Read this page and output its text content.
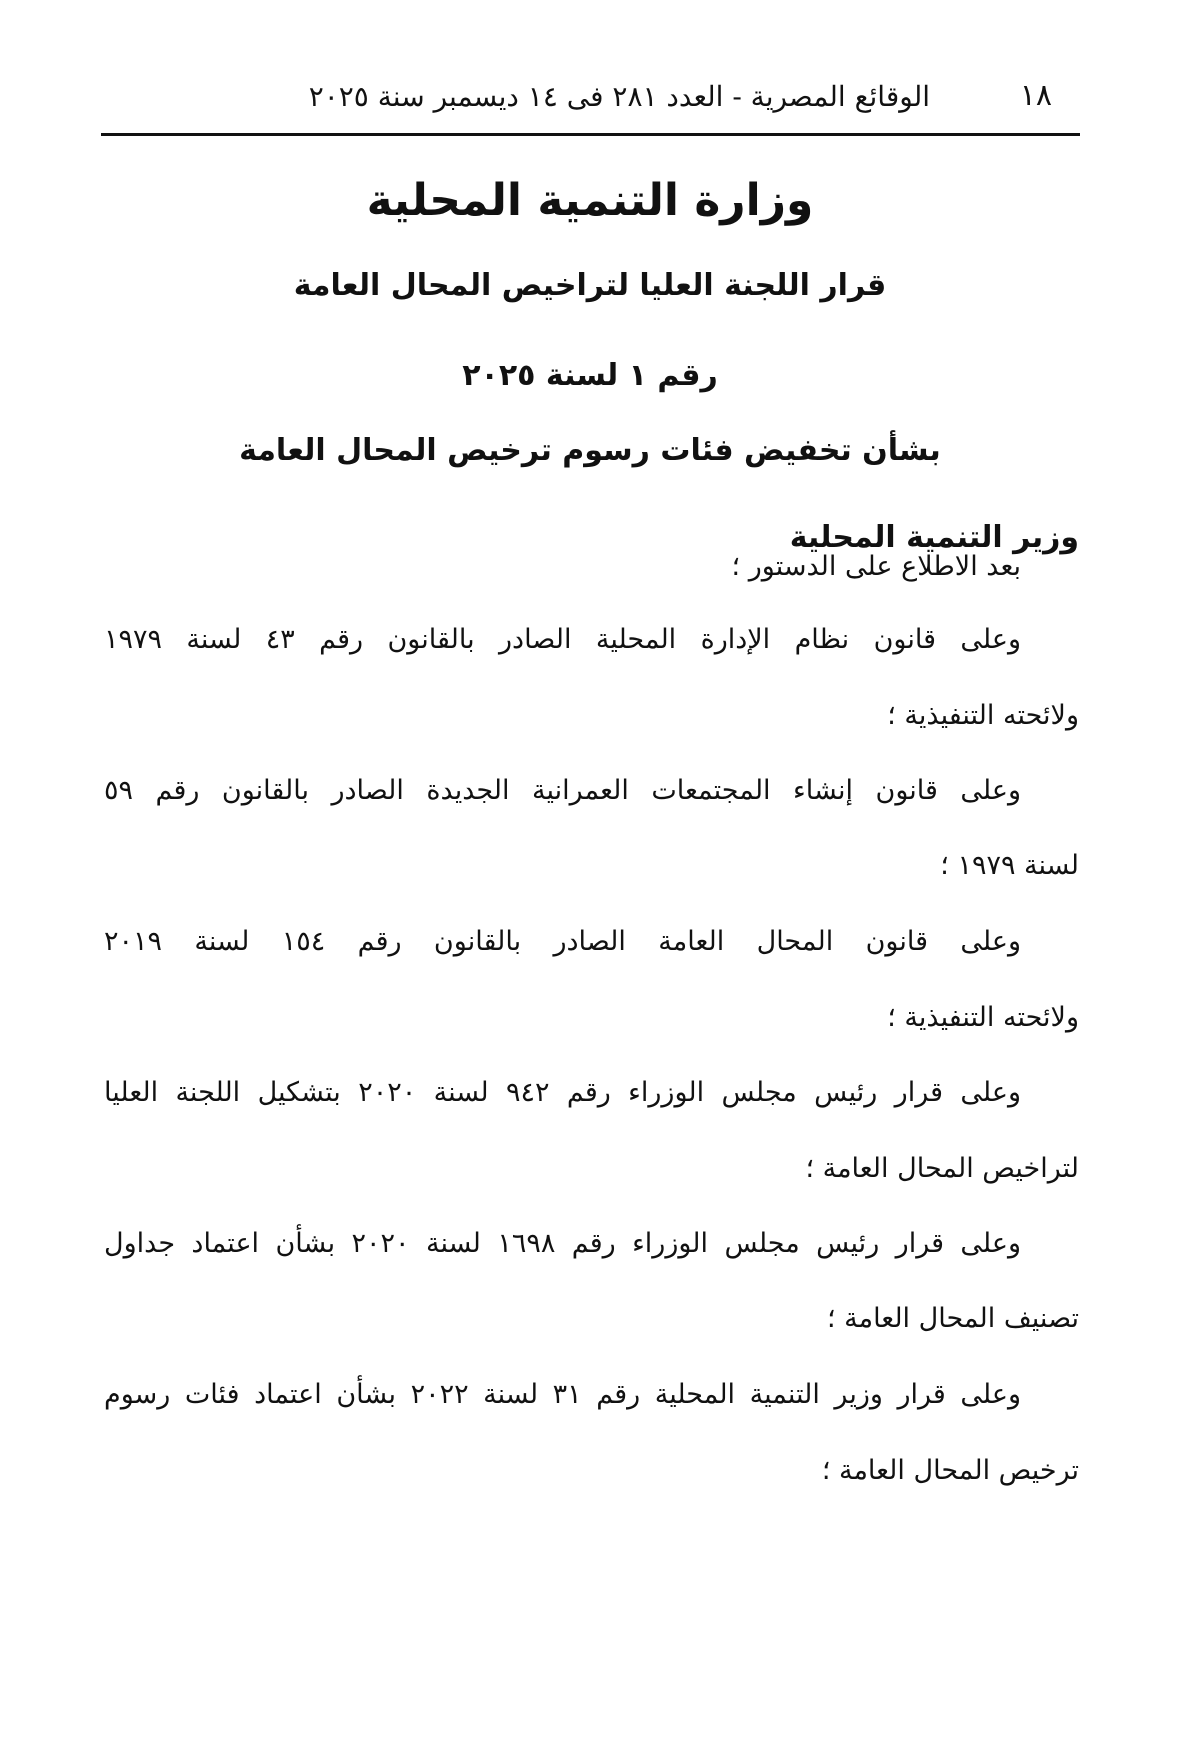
١٨
الوقائع المصرية - العدد ٢٨١ فى ١٤ ديسمبر سنة ٢٠٢٥
وزارة التنمية المحلية
قرار اللجنة العليا لتراخيص المحال العامة
رقم ١ لسنة ٢٠٢٥
بشأن تخفيض فئات رسوم ترخيص المحال العامة
وزير التنمية المحلية
بعد الاطلاع على الدستور ؛
وعلى قانون نظام الإدارة المحلية الصادر بالقانون رقم ٤٣ لسنة ١٩٧٩
ولائحته التنفيذية ؛
وعلى قانون إنشاء المجتمعات العمرانية الجديدة الصادر بالقانون رقم ٥٩
لسنة ١٩٧٩ ؛
وعلى قانون المحال العامة الصادر بالقانون رقم ١٥٤ لسنة ٢٠١٩
ولائحته التنفيذية ؛
وعلى قرار رئيس مجلس الوزراء رقم ٩٤٢ لسنة ٢٠٢٠ بتشكيل اللجنة العليا
لتراخيص المحال العامة ؛
وعلى قرار رئيس مجلس الوزراء رقم ١٦٩٨ لسنة ٢٠٢٠ بشأن اعتماد جداول
تصنيف المحال العامة ؛
وعلى قرار وزير التنمية المحلية رقم ٣١ لسنة ٢٠٢٢ بشأن اعتماد فئات رسوم
ترخيص المحال العامة ؛
